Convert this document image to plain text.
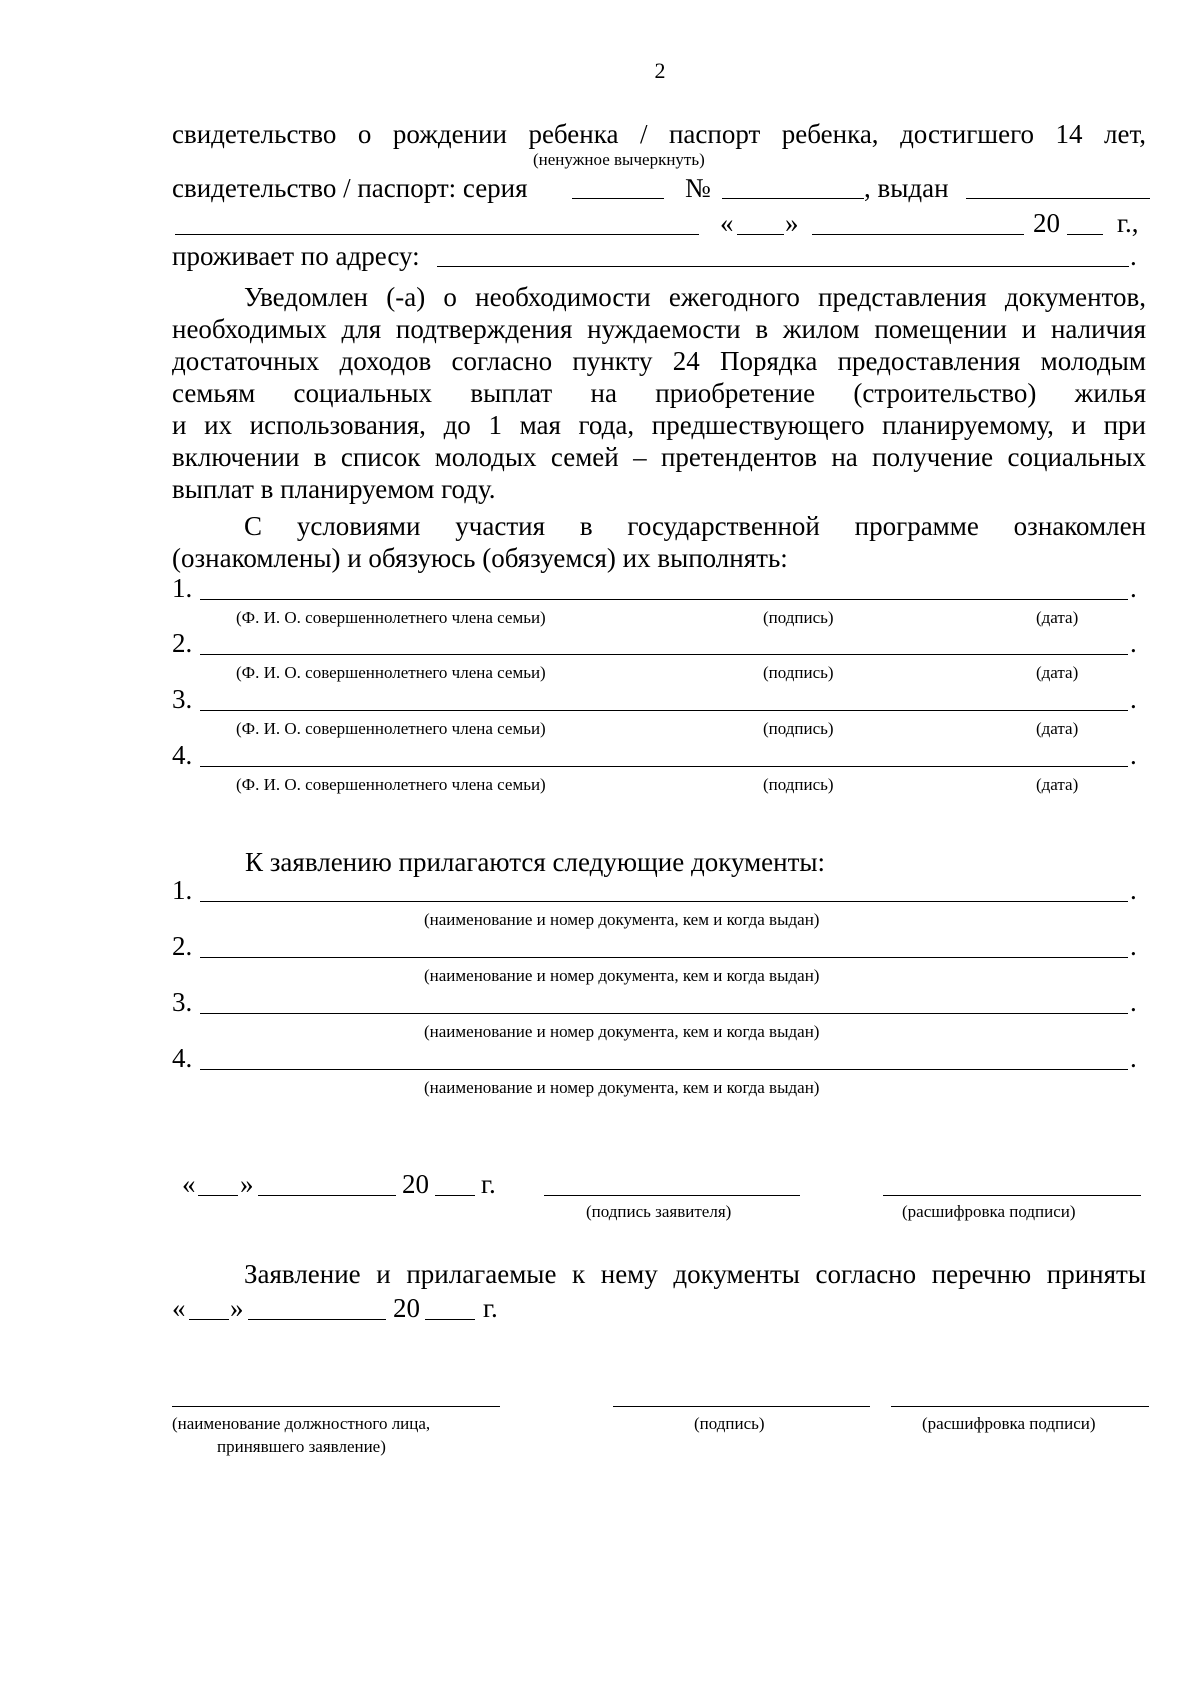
2
свидетельство о рождении ребенка / паспорт ребенка, достигшего 14 лет,
(ненужное вычеркнуть)
свидетельство / паспорт: серия	№	, выдан
« »	20 г.,
проживает по адресу:	.

Уведомлен (-а) о необходимости ежегодного представления документов,

необходимых для подтверждения нуждаемости в жилом помещении и наличия

достаточных доходов согласно пункту 24 Порядка предоставления молодым

семьям социальных выплат на приобретение (строительство) жилья

и их использования, до 1 мая года, предшествующего планируемому, и при

включении в список молодых семей – претендентов на получение социальных

выплат в планируемом году.

С условиями участия в государственной программе ознакомлен

(ознакомлены) и обязуюсь (обязуемся) их выполнять:

1.	.
(Ф. И. О. совершеннолетнего члена семьи)	(подпись)	(дата)
2.	.
(Ф. И. О. совершеннолетнего члена семьи)	(подпись)	(дата)
3.	.
(Ф. И. О. совершеннолетнего члена семьи)	(подпись)	(дата)
4.	.
(Ф. И. О. совершеннолетнего члена семьи)	(подпись)	(дата)
К заявлению прилагаются следующие документы:
1.	.
(наименование и номер документа, кем и когда выдан)
2.	.
(наименование и номер документа, кем и когда выдан)
3.	.
(наименование и номер документа, кем и когда выдан)
4.	.
(наименование и номер документа, кем и когда выдан)
« »	20 г.
(подпись заявителя)	(расшифровка подписи)
Заявление и прилагаемые к нему документы согласно перечню приняты
« »	20 г.
(наименование должностного лица,
принявшего заявление)
(подпись)	(расшифровка подписи)
